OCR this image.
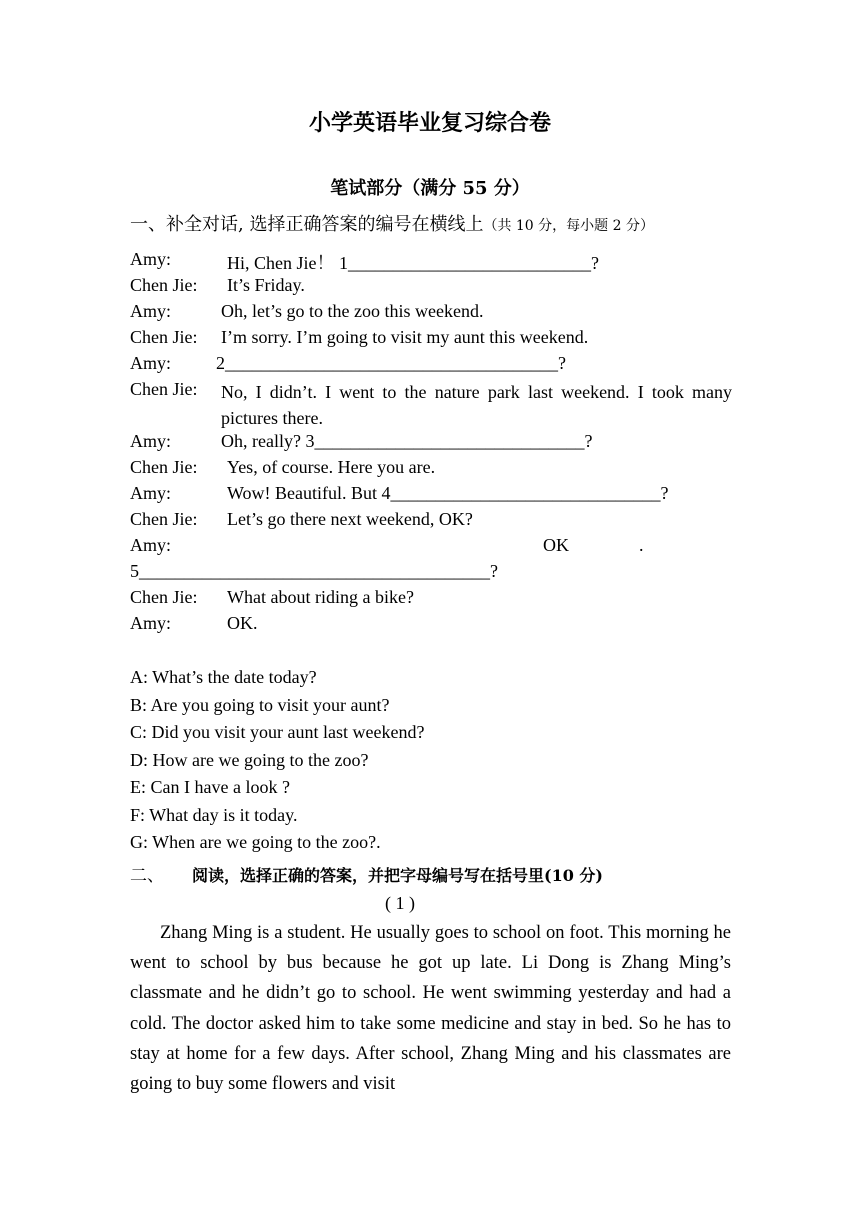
小学英语毕业复习综合卷
笔试部分（满分 55 分）
一、补全对话, 选择正确答案的编号在横线上（共 10 分，每小题 2 分）
Amy:	Hi, Chen Jie！ 1___________________________?
Chen Jie: It’s Friday.
Amy:	Oh, let’s go to the zoo this weekend.
Chen Jie: I’m sorry. I’m going to visit my aunt this weekend.
Amy: 2_____________________________________?
Chen Jie: No, I didn’t. I went to the nature park last weekend. I took many pictures there.
Amy:	Oh, really? 3______________________________?
Chen Jie: Yes, of course. Here you are.
Amy:	Wow! Beautiful. But 4______________________________?
Chen Jie: Let’s go there next weekend, OK?
Amy:	OK	.
5_______________________________________?
Chen Jie: What about riding a bike?
Amy:	OK.
A: What’s the date today?
B: Are you going to visit your aunt?
C: Did you visit your aunt last weekend?
D: How are we going to the zoo?
E: Can I have a look ?
F: What day is it today.
G: When are we going to the zoo?.
二、 阅读，选择正确的答案，并把字母编号写在括号里(10 分)
( 1 )
Zhang Ming is a student. He usually goes to school on foot. This morning he went to school by bus because he got up late. Li Dong is Zhang Ming’s classmate and he didn’t go to school. He went swimming yesterday and had a cold. The doctor asked him to take some medicine and stay in bed. So he has to stay at home for a few days. After school, Zhang Ming and his classmates are going to buy some flowers and visit
